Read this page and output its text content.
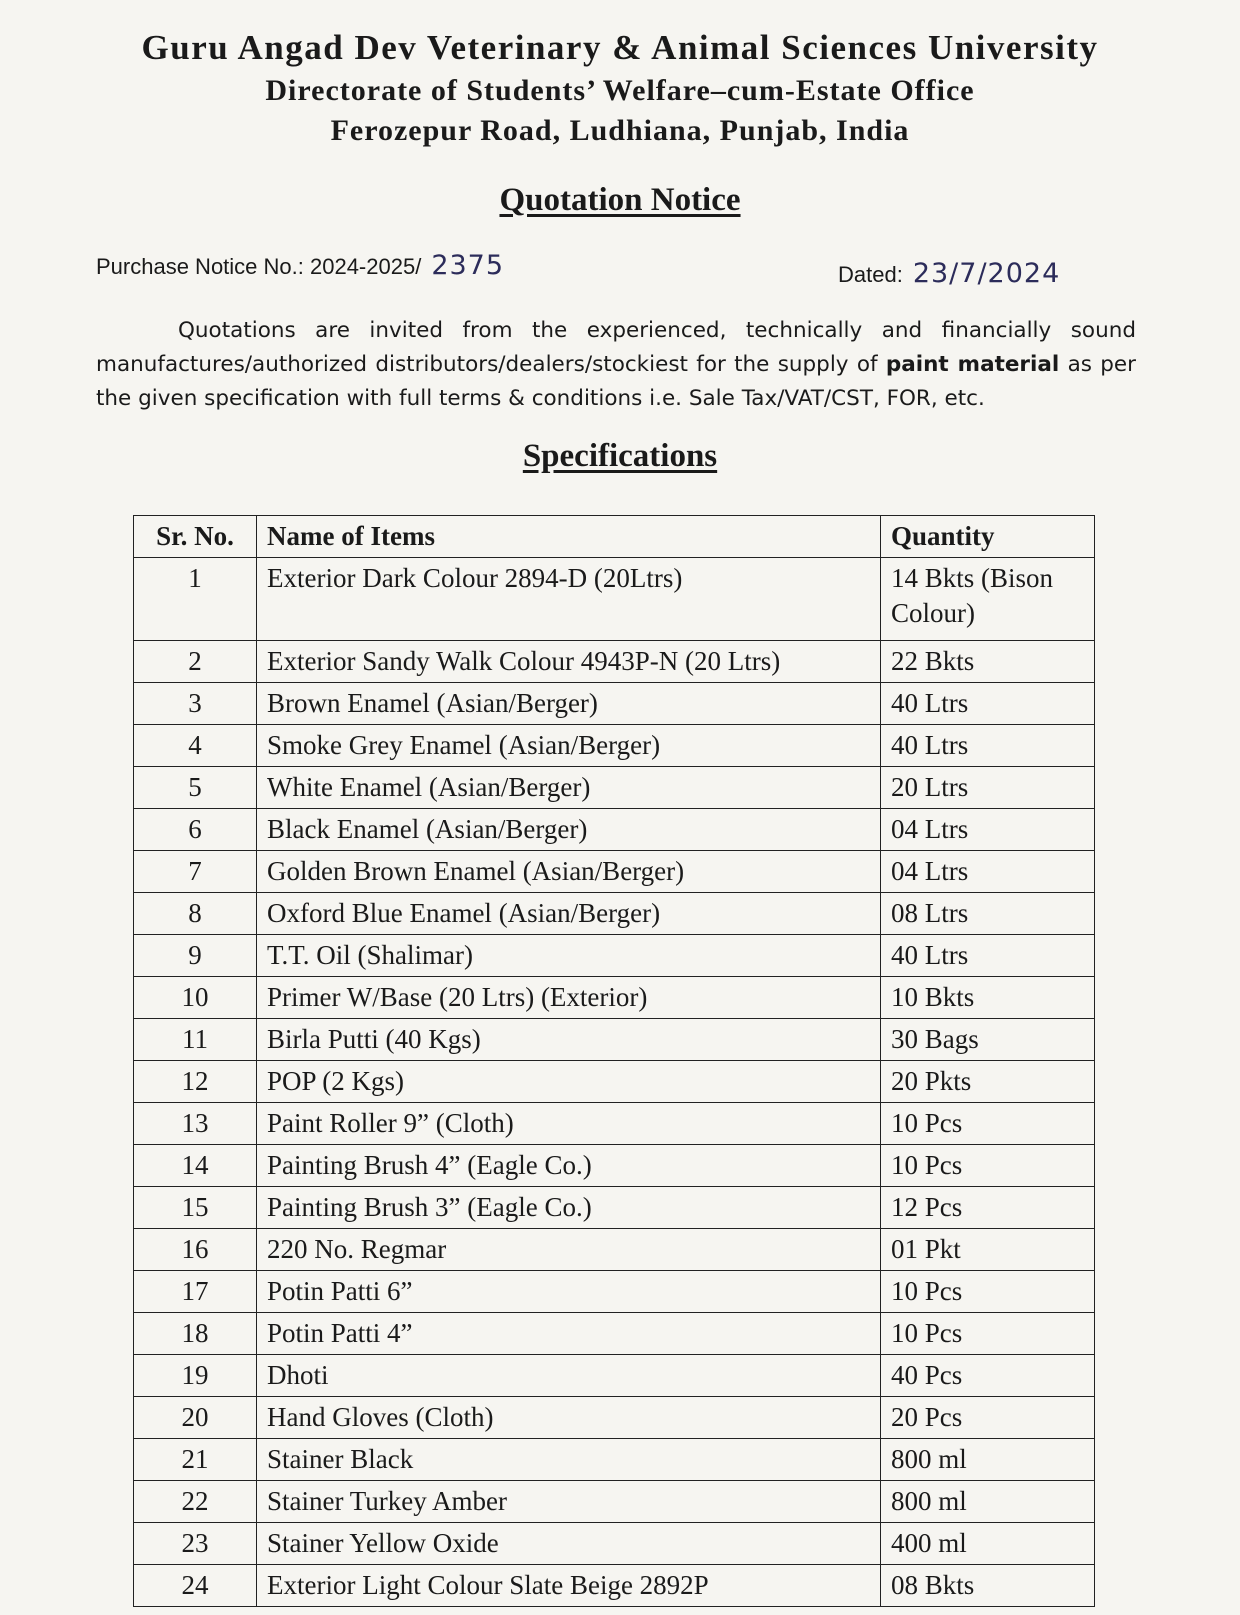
Guru Angad Dev Veterinary & Animal Sciences University
Directorate of Students’ Welfare–cum-Estate Office
Ferozepur Road, Ludhiana, Punjab, India
Quotation Notice
Purchase Notice No.: 2024-2025/ 2375	Dated: 23/7/2024
Quotations are invited from the experienced, technically and financially sound manufactures/authorized distributors/dealers/stockiest for the supply of paint material as per the given specification with full terms & conditions i.e. Sale Tax/VAT/CST, FOR, etc.
Specifications
Sr. No.	Name of Items	Quantity
1	Exterior Dark Colour 2894-D (20Ltrs)	14 Bkts (Bison Colour)
2	Exterior Sandy Walk Colour 4943P-N (20 Ltrs)	22 Bkts
3	Brown Enamel (Asian/Berger)	40 Ltrs
4	Smoke Grey Enamel (Asian/Berger)	40 Ltrs
5	White Enamel (Asian/Berger)	20 Ltrs
6	Black Enamel (Asian/Berger)	04 Ltrs
7	Golden Brown Enamel (Asian/Berger)	04 Ltrs
8	Oxford Blue Enamel (Asian/Berger)	08 Ltrs
9	T.T. Oil (Shalimar)	40 Ltrs
10	Primer W/Base (20 Ltrs) (Exterior)	10 Bkts
11	Birla Putti (40 Kgs)	30 Bags
12	POP (2 Kgs)	20 Pkts
13	Paint Roller 9” (Cloth)	10 Pcs
14	Painting Brush 4” (Eagle Co.)	10 Pcs
15	Painting Brush 3” (Eagle Co.)	12 Pcs
16	220 No. Regmar	01 Pkt
17	Potin Patti 6”	10 Pcs
18	Potin Patti 4”	10 Pcs
19	Dhoti	40 Pcs
20	Hand Gloves (Cloth)	20 Pcs
21	Stainer Black	800 ml
22	Stainer Turkey Amber	800 ml
23	Stainer Yellow Oxide	400 ml
24	Exterior Light Colour Slate Beige 2892P	08 Bkts
